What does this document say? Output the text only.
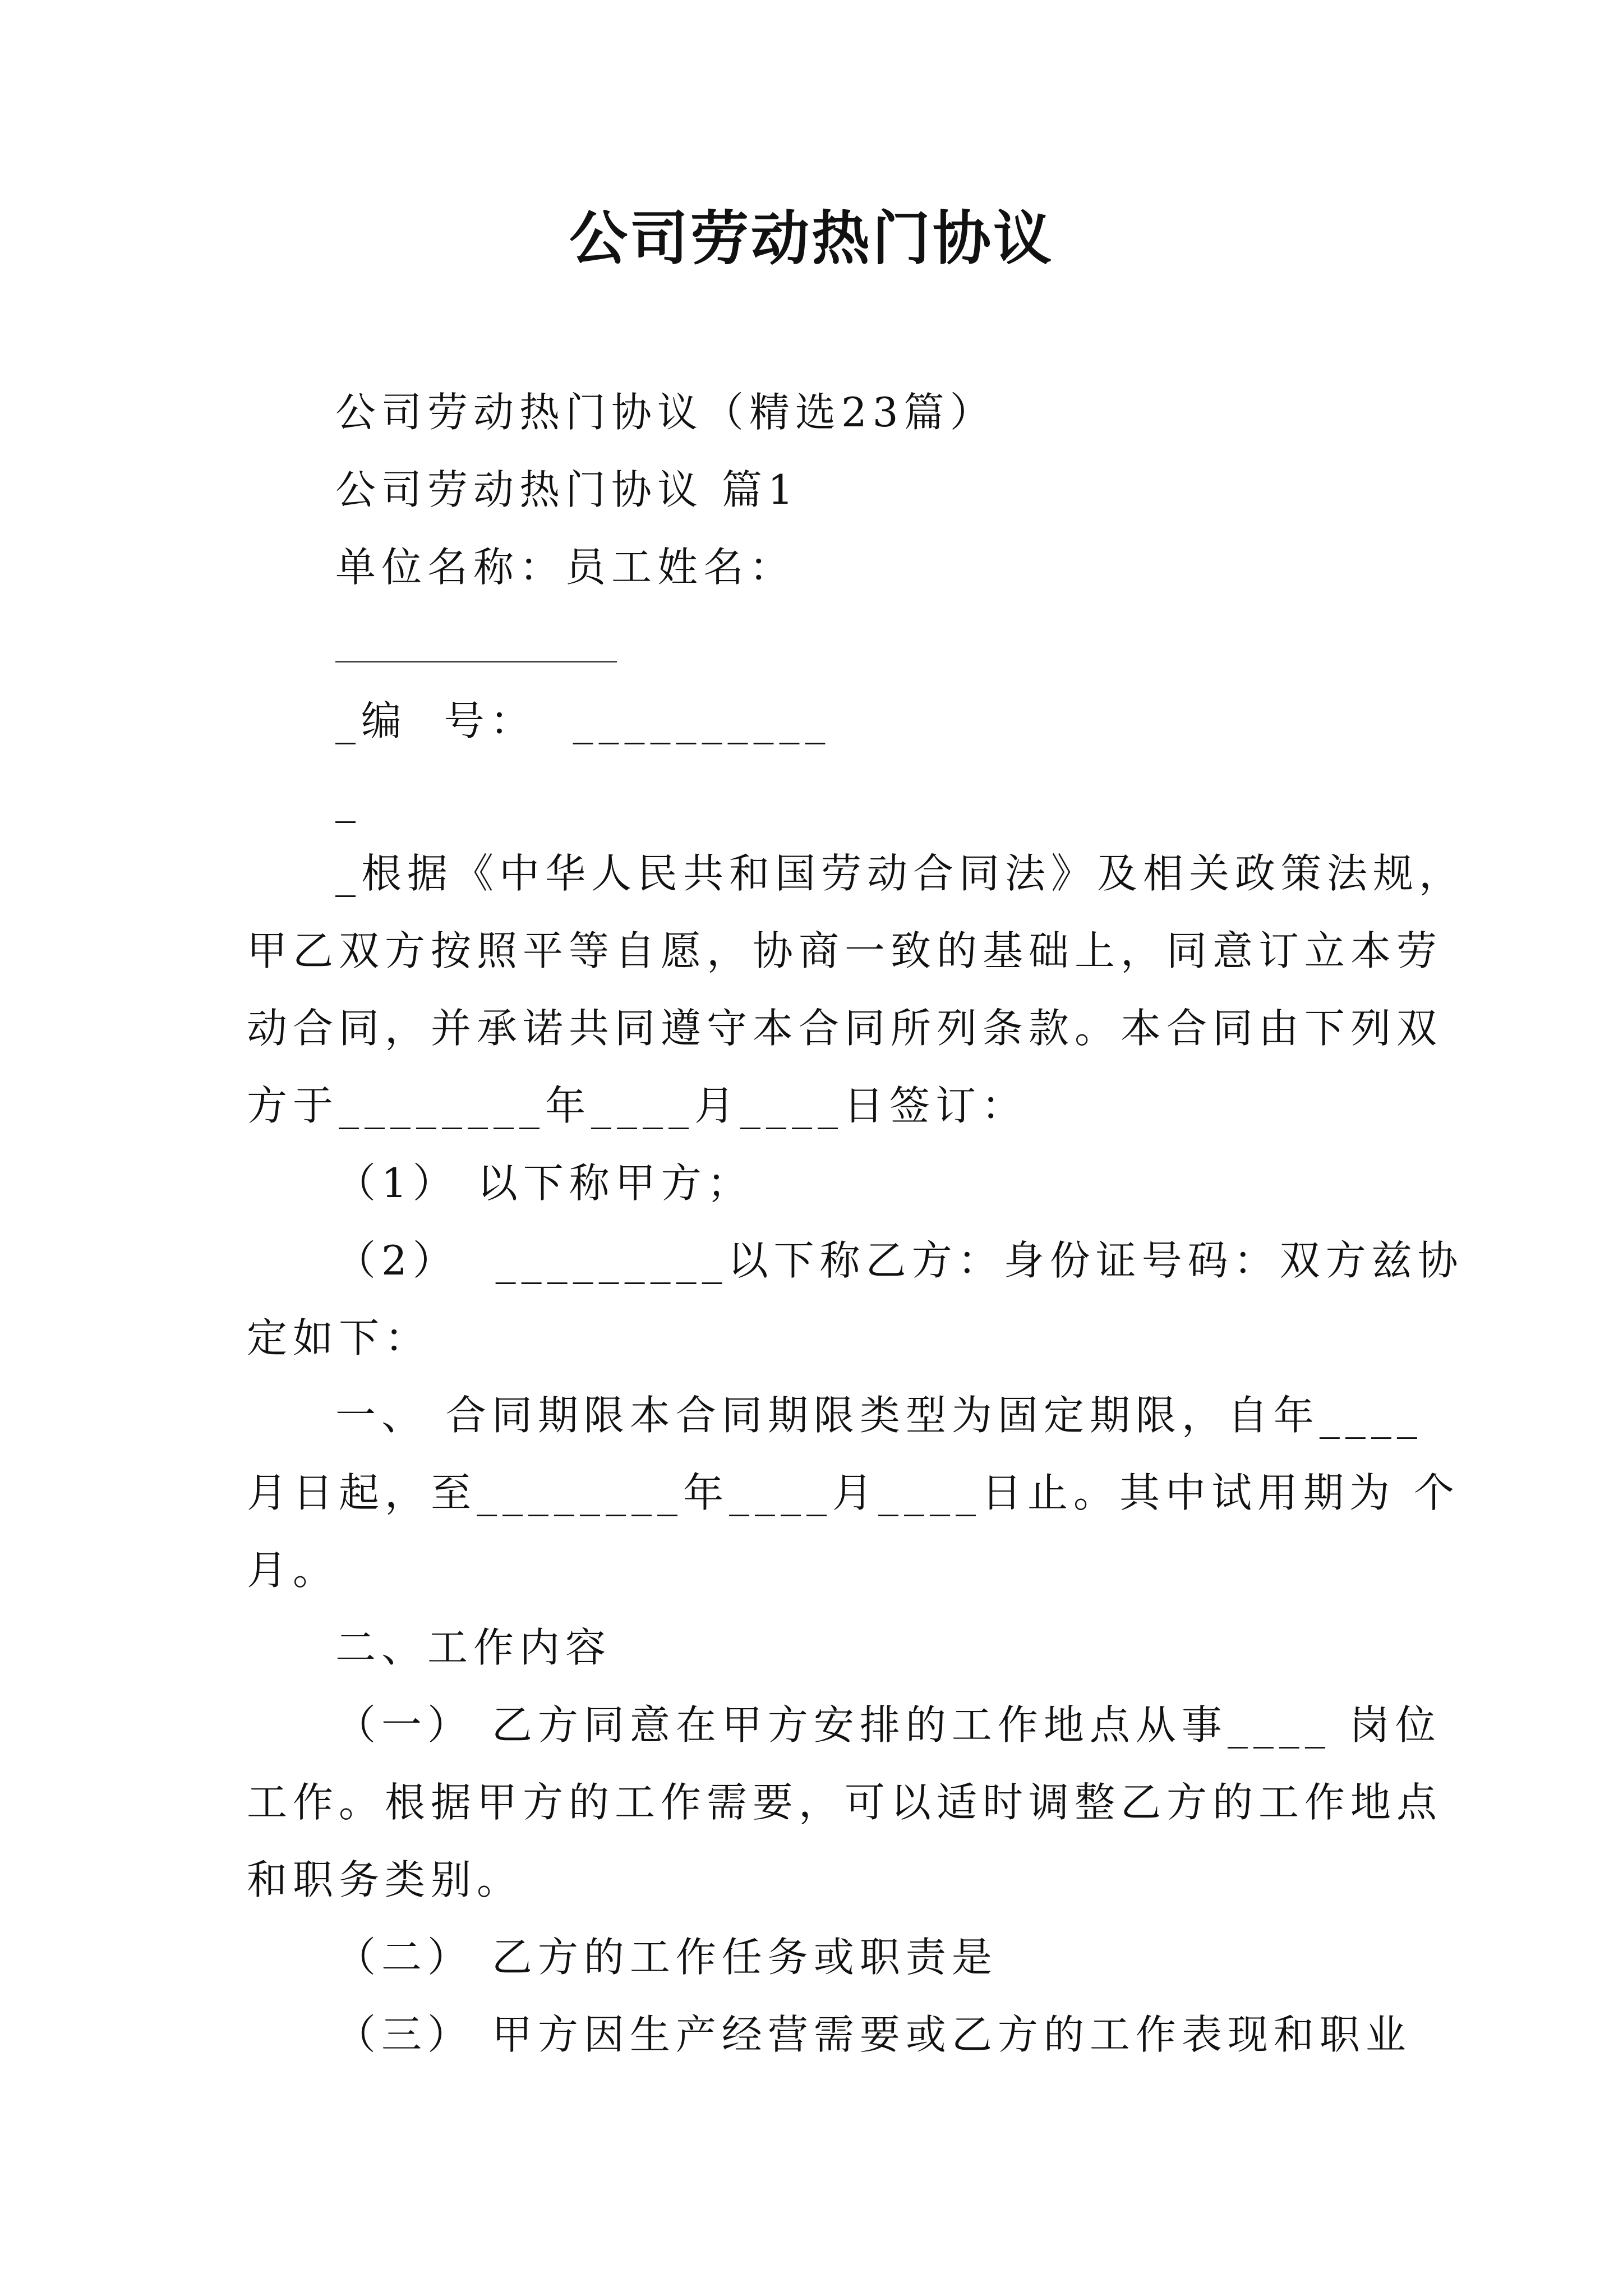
公司劳动热门协议
公司劳动热门协议（精选23篇）
公司劳动热门协议 篇1
单位名称：员工姓名：
_编  号：  __________
_
_根据《中华人民共和国劳动合同法》及相关政策法规，
甲乙双方按照平等自愿，协商一致的基础上，同意订立本劳
动合同，并承诺共同遵守本合同所列条款。本合同由下列双
方于________年____月____日签订：
（1） 以下称甲方；
（2）  _________以下称乙方：身份证号码：双方兹协
定如下：
一、 合同期限本合同期限类型为固定期限，自年____
月日起，至________年____月____日止。其中试用期为 个
月。
二、工作内容
（一） 乙方同意在甲方安排的工作地点从事____ 岗位
工作。根据甲方的工作需要，可以适时调整乙方的工作地点
和职务类别。
（二） 乙方的工作任务或职责是
（三） 甲方因生产经营需要或乙方的工作表现和职业
